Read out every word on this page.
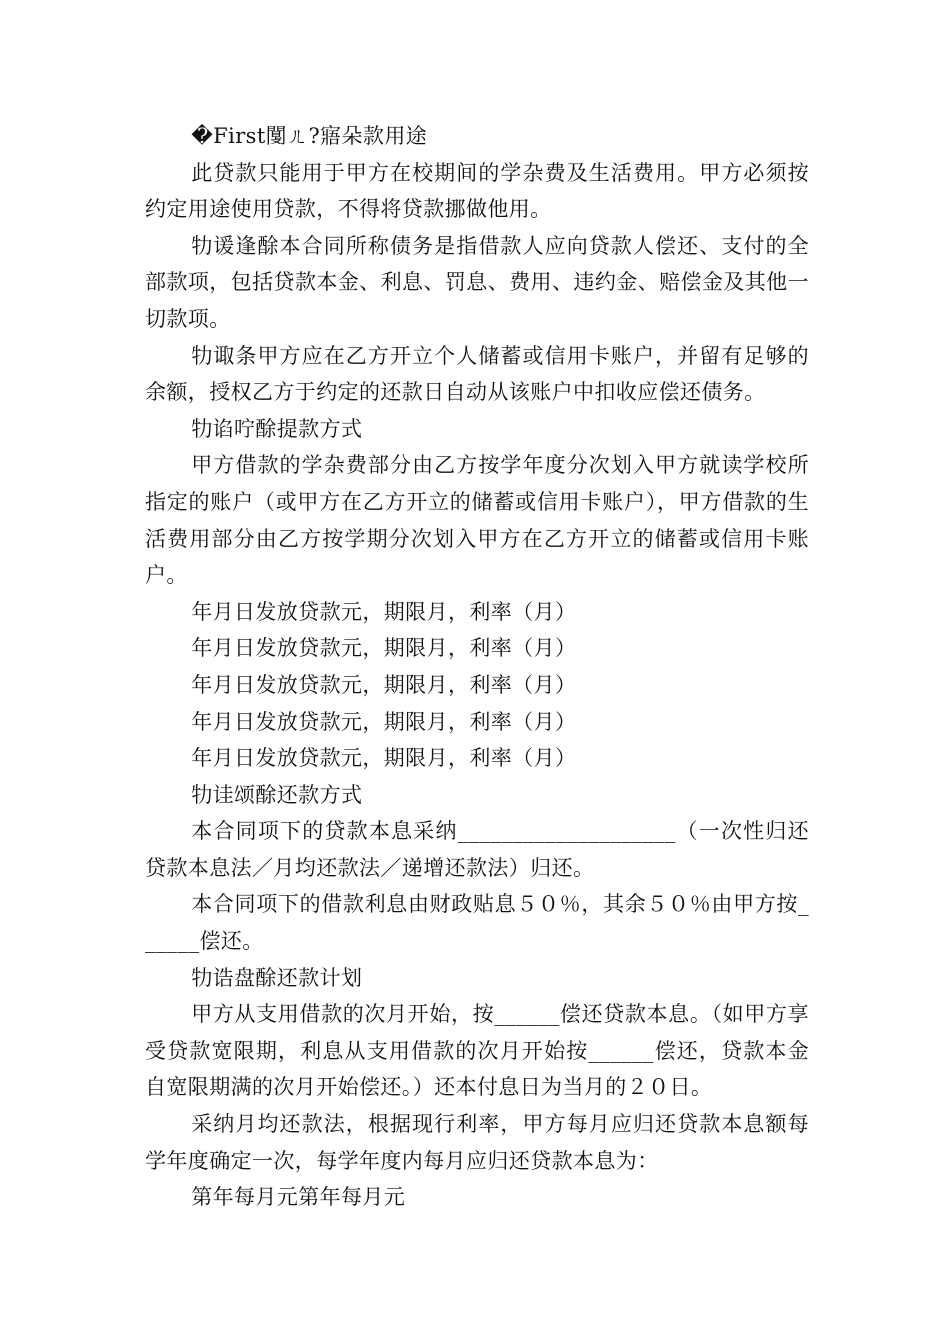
�First闅ㄦ?寤朵款用途

此贷款只能用于甲方在校期间的学杂费及生活费用。甲方必须按约定用途使用贷款，不得将贷款挪做他用。

牞谖逢酴本合同所称债务是指借款人应向贷款人偿还、支付的全部款项，包括贷款本金、利息、罚息、费用、违约金、赔偿金及其他一切款项。

牞诹条甲方应在乙方开立个人储蓄或信用卡账户，并留有足够的余额，授权乙方于约定的还款日自动从该账户中扣收应偿还债务。

牞谄咛酴提款方式

甲方借款的学杂费部分由乙方按学年度分次划入甲方就读学校所指定的账户（或甲方在乙方开立的储蓄或信用卡账户），甲方借款的生活费用部分由乙方按学期分次划入甲方在乙方开立的储蓄或信用卡账户。

年月日发放贷款元，期限月，利率（月）

年月日发放贷款元，期限月，利率（月）

年月日发放贷款元，期限月，利率（月）

年月日发放贷款元，期限月，利率（月）

年月日发放贷款元，期限月，利率（月）

牞诖颂酴还款方式

本合同项下的贷款本息采纳____________________（一次性归还贷款本息法／月均还款法／递增还款法）归还。

本合同项下的借款利息由财政贴息５０％，其余５０％由甲方按______偿还。

牞诰盘酴还款计划

甲方从支用借款的次月开始，按______偿还贷款本息。（如甲方享受贷款宽限期，利息从支用借款的次月开始按______偿还，贷款本金自宽限期满的次月开始偿还。）还本付息日为当月的２０日。

采纳月均还款法，根据现行利率，甲方每月应归还贷款本息额每学年度确定一次，每学年度内每月应归还贷款本息为：

第年每月元第年每月元
